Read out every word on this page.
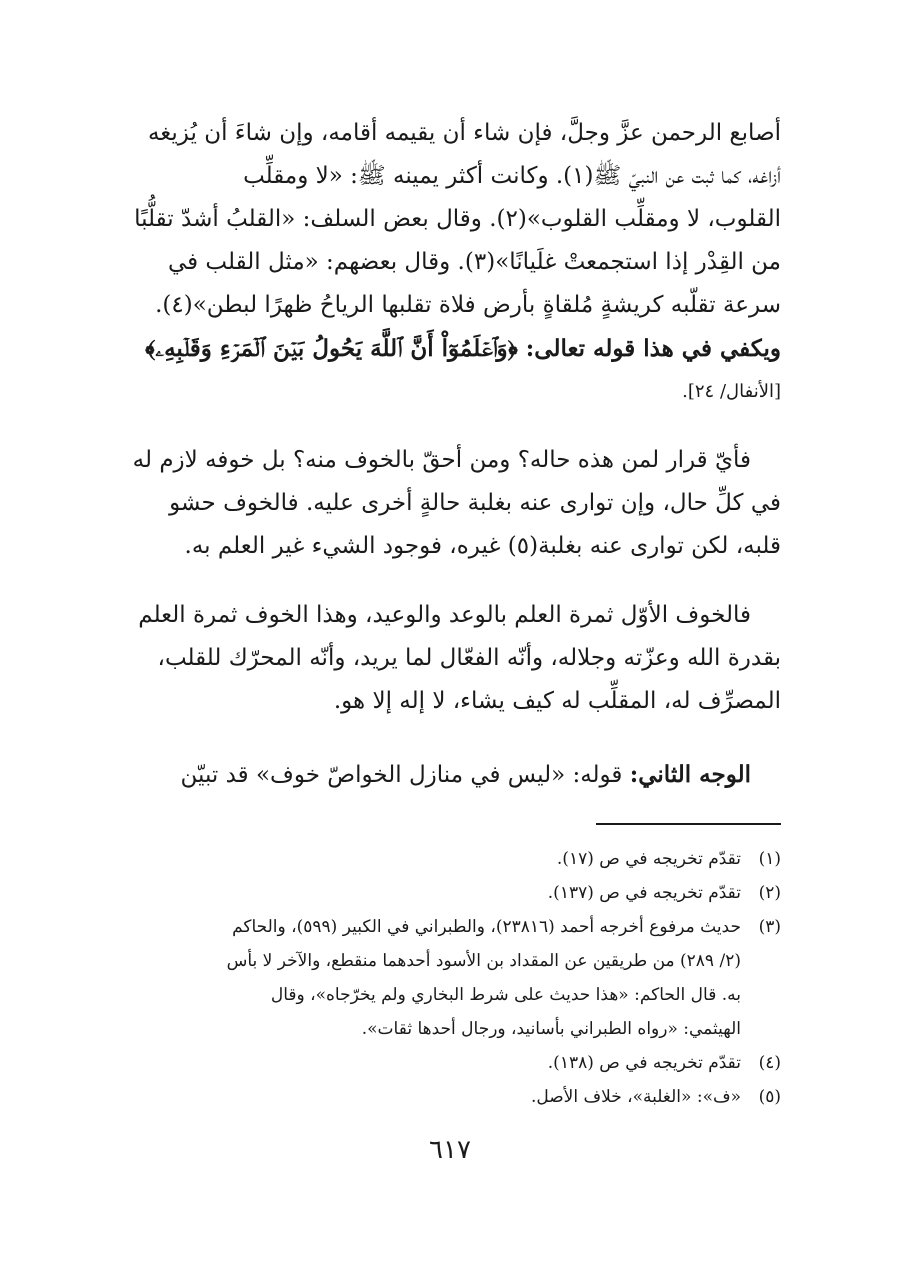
أصابع الرحمن عزَّ وجلَّ، فإن شاء أن يقيمه أقامه، وإن شاءَ أن يُزيغه
أزاغه، كما ثبت عن النبيّ ﷺ(١). وكانت أكثر يمينه ﷺ: «لا ومقلِّب
القلوب، لا ومقلِّب القلوب»(٢). وقال بعض السلف: «القلبُ أشدّ تقلُّبًا
من القِدْر إذا استجمعتْ غلَيانًا»(٣). وقال بعضهم: «مثل القلب في
سرعة تقلّبه كريشةٍ مُلقاةٍ بأرض فلاة تقلبها الرياحُ ظهرًا لبطن»(٤).
ويكفي في هذا قوله تعالى: ﴿وَٱعۡلَمُوٓاْ أَنَّ ٱللَّهَ يَحُولُ بَيۡنَ ٱلۡمَرۡءِ وَقَلۡبِهِۦ﴾
[الأنفال/ ٢٤].

فأيّ قرار لمن هذه حاله؟ ومن أحقّ بالخوف منه؟ بل خوفه لازم له

في كلِّ حال، وإن توارى عنه بغلبة حالةٍ أخرى عليه. فالخوف حشو
قلبه، لكن توارى عنه بغلبة(٥) غيره، فوجود الشيء غير العلم به.

فالخوف الأوّل ثمرة العلم بالوعد والوعيد، وهذا الخوف ثمرة العلم

بقدرة الله وعزّته وجلاله، وأنّه الفعّال لما يريد، وأنّه المحرّك للقلب،
المصرِّف له، المقلِّب له كيف يشاء، لا إله إلا هو.

الوجه الثاني: قوله: «ليس في منازل الخواصّ خوف» قد تبيّن

(١)
تقدّم تخريجه في ص (١٧).
(٢)
تقدّم تخريجه في ص (١٣٧).
(٣)
حديث مرفوع أخرجه أحمد (٢٣٨١٦)، والطبراني في الكبير (٥٩٩)، والحاكم
(٢/ ٢٨٩) من طريقين عن المقداد بن الأسود أحدهما منقطع، والآخر لا بأس
به. قال الحاكم: «هذا حديث على شرط البخاري ولم يخرّجاه»، وقال
الهيثمي: «رواه الطبراني بأسانيد، ورجال أحدها ثقات».
(٤)
تقدّم تخريجه في ص (١٣٨).
(٥)
«ف»: «الغلبة»، خلاف الأصل.
٦١٧
